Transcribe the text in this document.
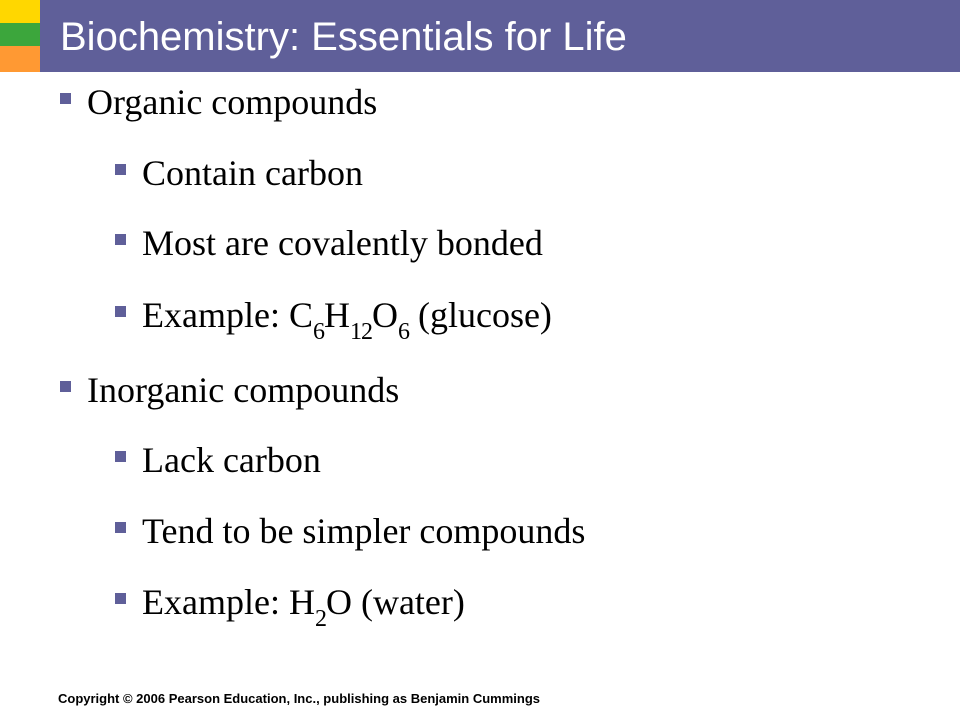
Biochemistry: Essentials for Life
Organic compounds
Contain carbon
Most are covalently bonded
Example: $C_6H_{12}O_6$ (glucose)
Inorganic compounds
Lack carbon
Tend to be simpler compounds
Example: $H_2O$ (water)
Copyright © 2006 Pearson Education, Inc., publishing as Benjamin Cummings
